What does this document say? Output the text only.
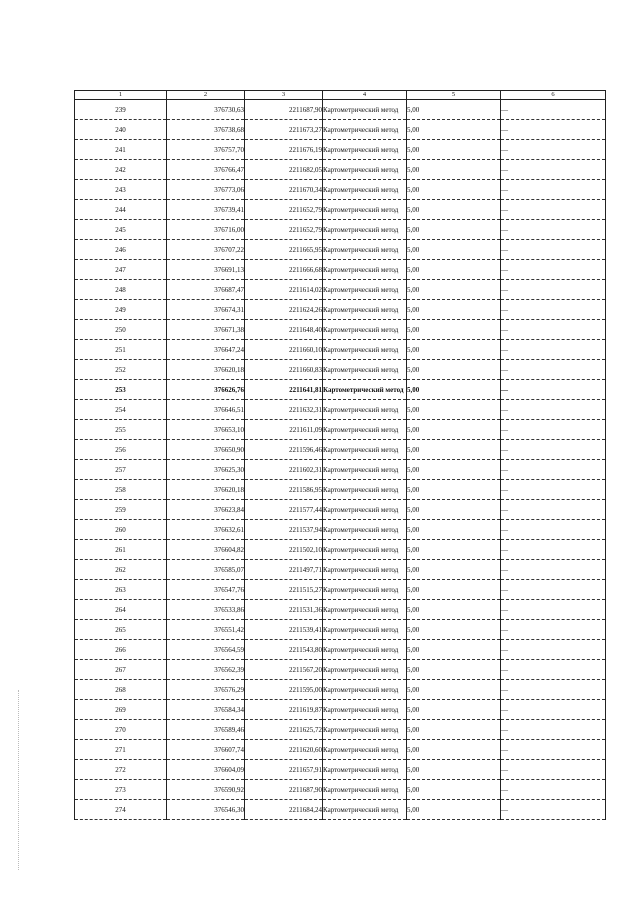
1	2	3	4	5	6
239	376730,63	2211687,90	Картометрический метод	5,00	—
240	376738,68	2211673,27	Картометрический метод	5,00	—
241	376757,70	2211676,19	Картометрический метод	5,00	—
242	376766,47	2211682,05	Картометрический метод	5,00	—
243	376773,06	2211670,34	Картометрический метод	5,00	—
244	376739,41	2211652,79	Картометрический метод	5,00	—
245	376716,00	2211652,79	Картометрический метод	5,00	—
246	376707,22	2211665,95	Картометрический метод	5,00	—
247	376691,13	2211666,68	Картометрический метод	5,00	—
248	376687,47	2211614,02	Картометрический метод	5,00	—
249	376674,31	2211624,26	Картометрический метод	5,00	—
250	376671,38	2211648,40	Картометрический метод	5,00	—
251	376647,24	2211660,10	Картометрический метод	5,00	—
252	376620,18	2211660,83	Картометрический метод	5,00	—
253	376626,76	2211641,81	Картометрический метод	5,00	—
254	376646,51	2211632,31	Картометрический метод	5,00	—
255	376653,10	2211611,09	Картометрический метод	5,00	—
256	376650,90	2211596,46	Картометрический метод	5,00	—
257	376625,30	2211602,31	Картометрический метод	5,00	—
258	376620,18	2211586,95	Картометрический метод	5,00	—
259	376623,84	2211577,44	Картометрический метод	5,00	—
260	376632,61	2211537,94	Картометрический метод	5,00	—
261	376604,82	2211502,10	Картометрический метод	5,00	—
262	376585,07	2211497,71	Картометрический метод	5,00	—
263	376547,76	2211515,27	Картометрический метод	5,00	—
264	376533,86	2211531,36	Картометрический метод	5,00	—
265	376551,42	2211539,41	Картометрический метод	5,00	—
266	376564,59	2211543,80	Картометрический метод	5,00	—
267	376562,39	2211567,20	Картометрический метод	5,00	—
268	376576,29	2211595,00	Картометрический метод	5,00	—
269	376584,34	2211619,87	Картометрический метод	5,00	—
270	376589,46	2211625,72	Картометрический метод	5,00	—
271	376607,74	2211620,60	Картометрический метод	5,00	—
272	376604,09	2211657,91	Картометрический метод	5,00	—
273	376590,92	2211687,90	Картометрический метод	5,00	—
274	376546,30	2211684,24	Картометрический метод	5,00	—
